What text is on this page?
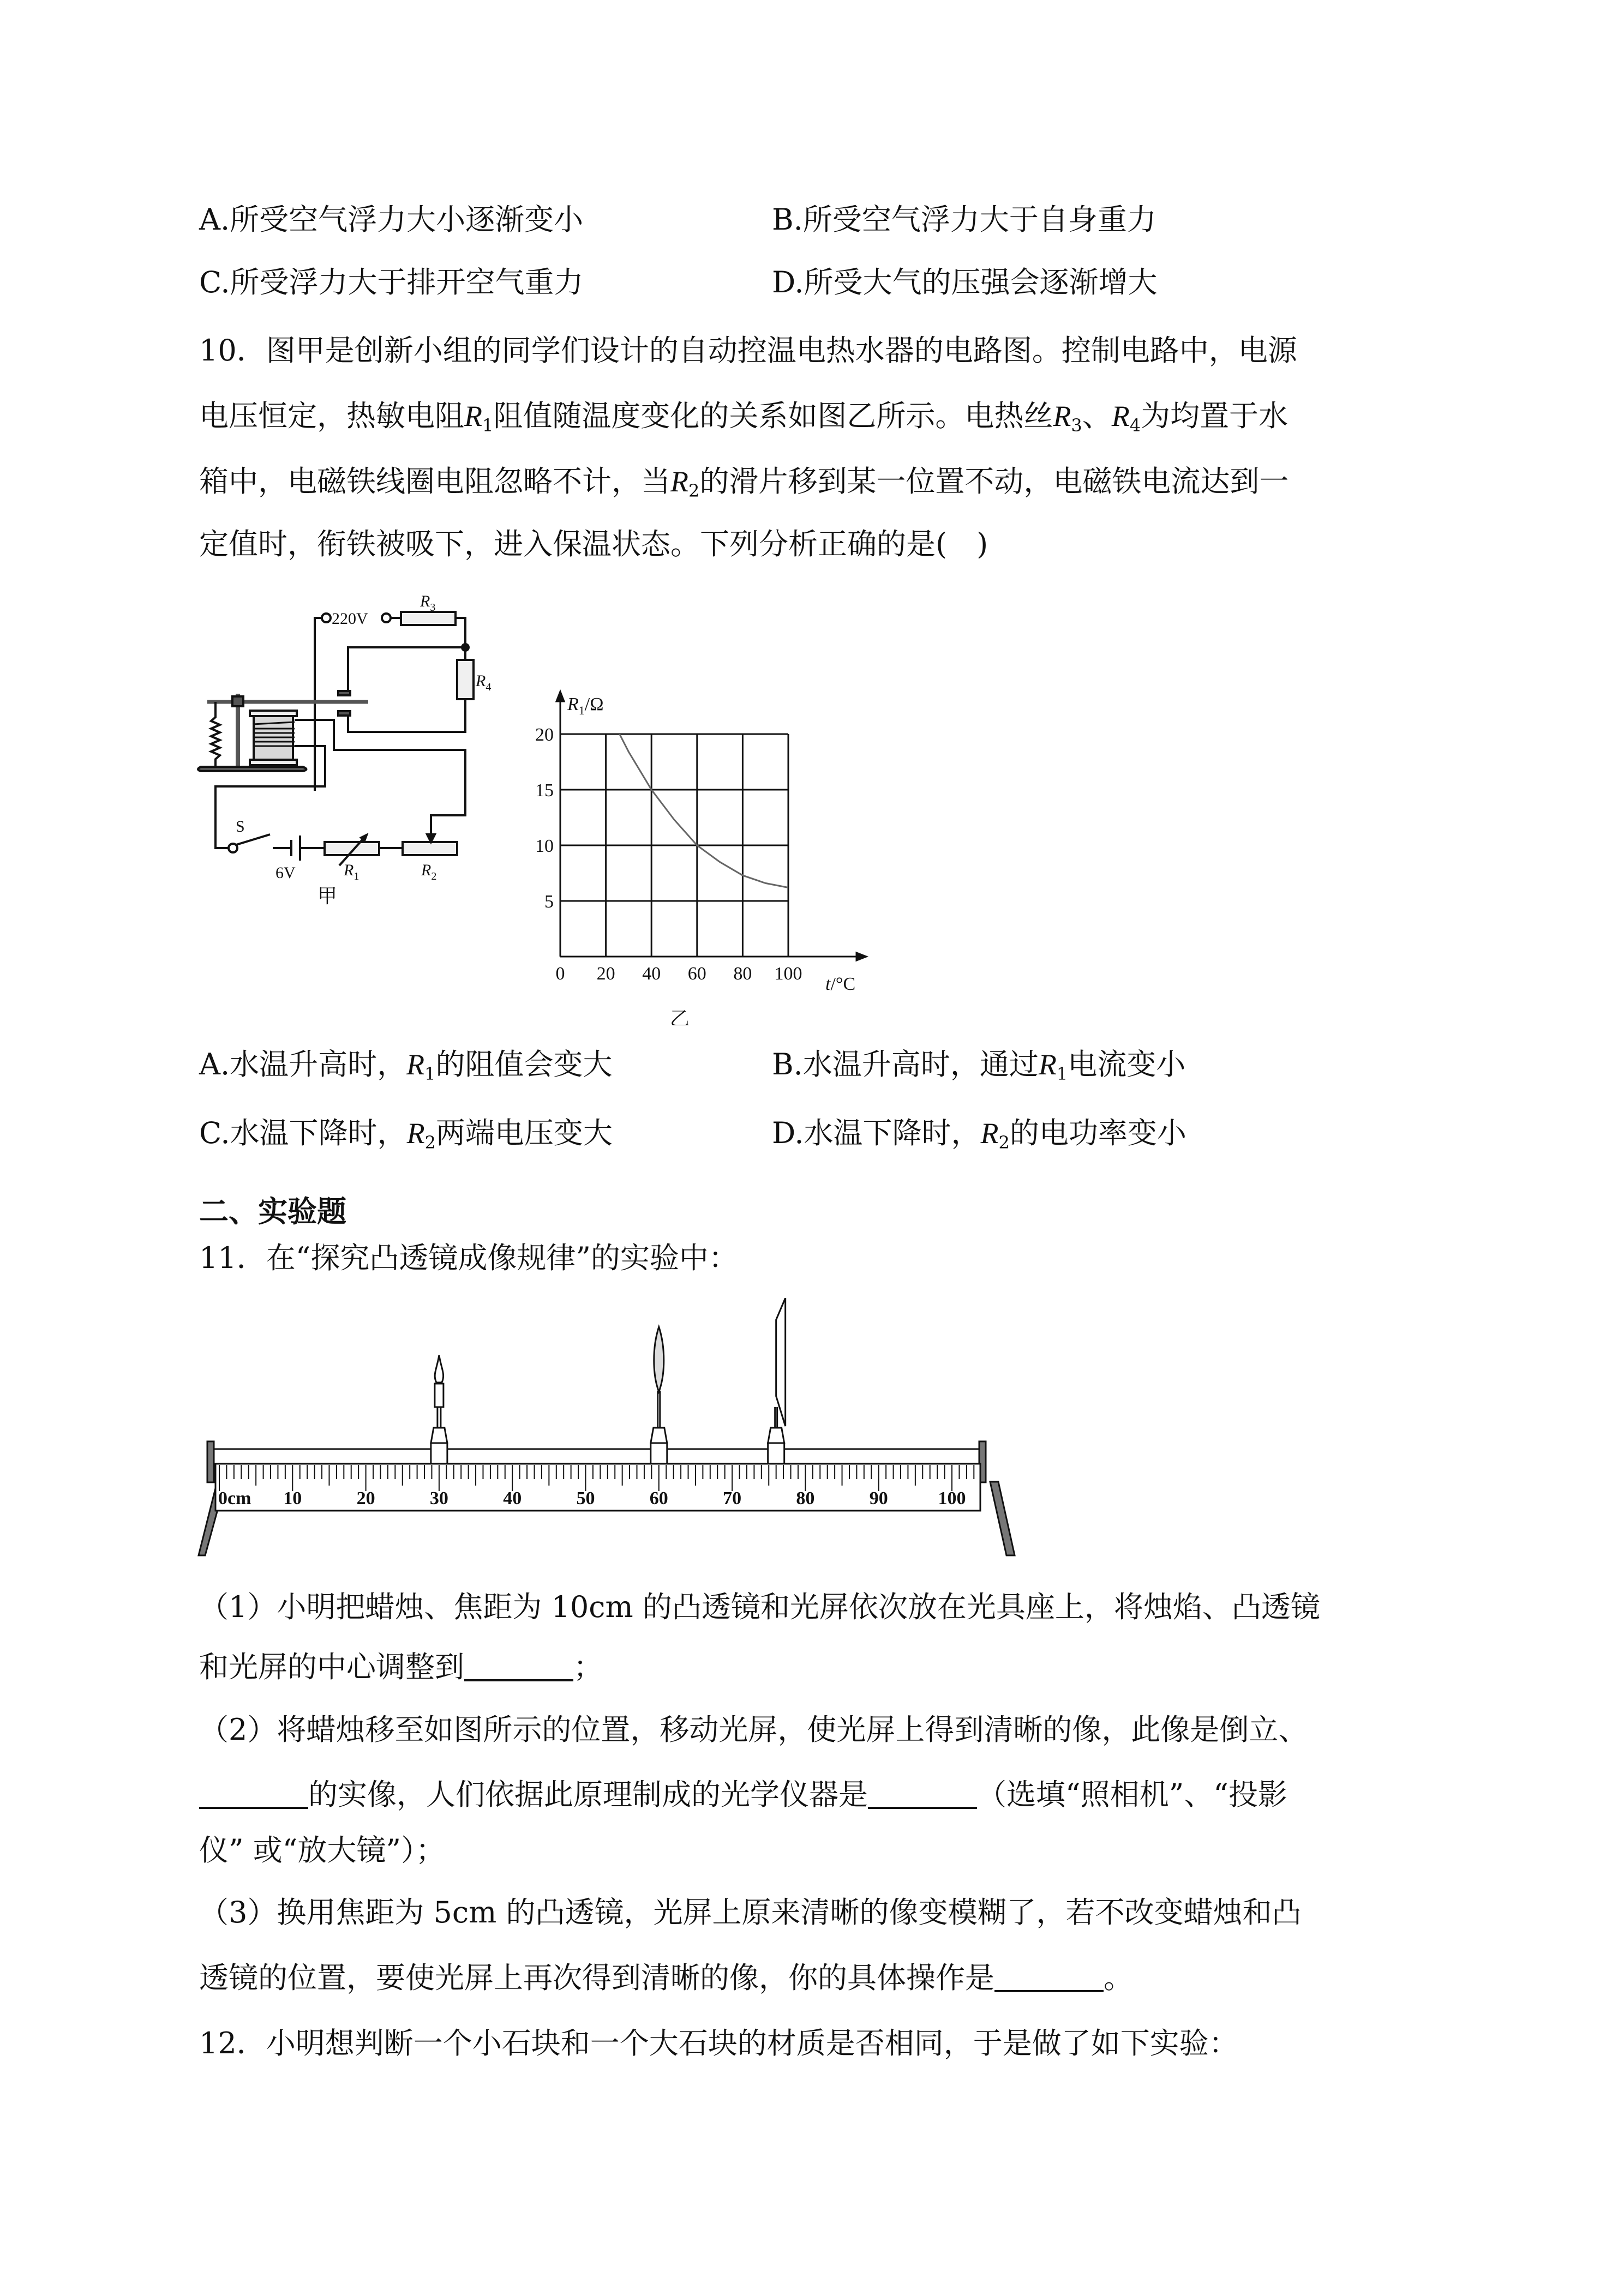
A.所受空气浮力大小逐渐变小	B.所受空气浮力大于自身重力
C.所受浮力大于排开空气重力	D.所受大气的压强会逐渐增大
10．图甲是创新小组的同学们设计的自动控温电热水器的电路图。控制电路中，电源
电压恒定，热敏电阻$R_1$阻值随温度变化的关系如图乙所示。电热丝$R_3$、$R_4$为均置于水
箱中，电磁铁线圈电阻忽略不计，当$R_2$的滑片移到某一位置不动，电磁铁电流达到一
定值时，衔铁被吸下，进入保温状态。下列分析正确的是(　)
220V
$R_3$
$R_4$
S
6V	$R_1$	$R_2$
甲
0 20 40 60 80 100
5
10
15
20
$R_1/\Omega$
t/°C
乙
A.水温升高时，$R_1$的阻值会变大	B.水温升高时，通过$R_1$电流变小
C.水温下降时，$R_2$两端电压变大	D.水温下降时，$R_2$的电功率变小
二、实验题
11．在“探究凸透镜成像规律”的实验中：
0cm 10	20	30	40	50	60	70	80	90	100
（1）小明把蜡烛、焦距为 10cm 的凸透镜和光屏依次放在光具座上，将烛焰、凸透镜
和光屏的中心调整到	；
（2）将蜡烛移至如图所示的位置，移动光屏，使光屏上得到清晰的像，此像是倒立、
的实像，人们依据此原理制成的光学仪器是	（选填“照相机”、“投影
仪” 或“放大镜”）；
（3）换用焦距为 5cm 的凸透镜，光屏上原来清晰的像变模糊了，若不改变蜡烛和凸
透镜的位置，要使光屏上再次得到清晰的像，你的具体操作是	。
12．小明想判断一个小石块和一个大石块的材质是否相同，于是做了如下实验：
